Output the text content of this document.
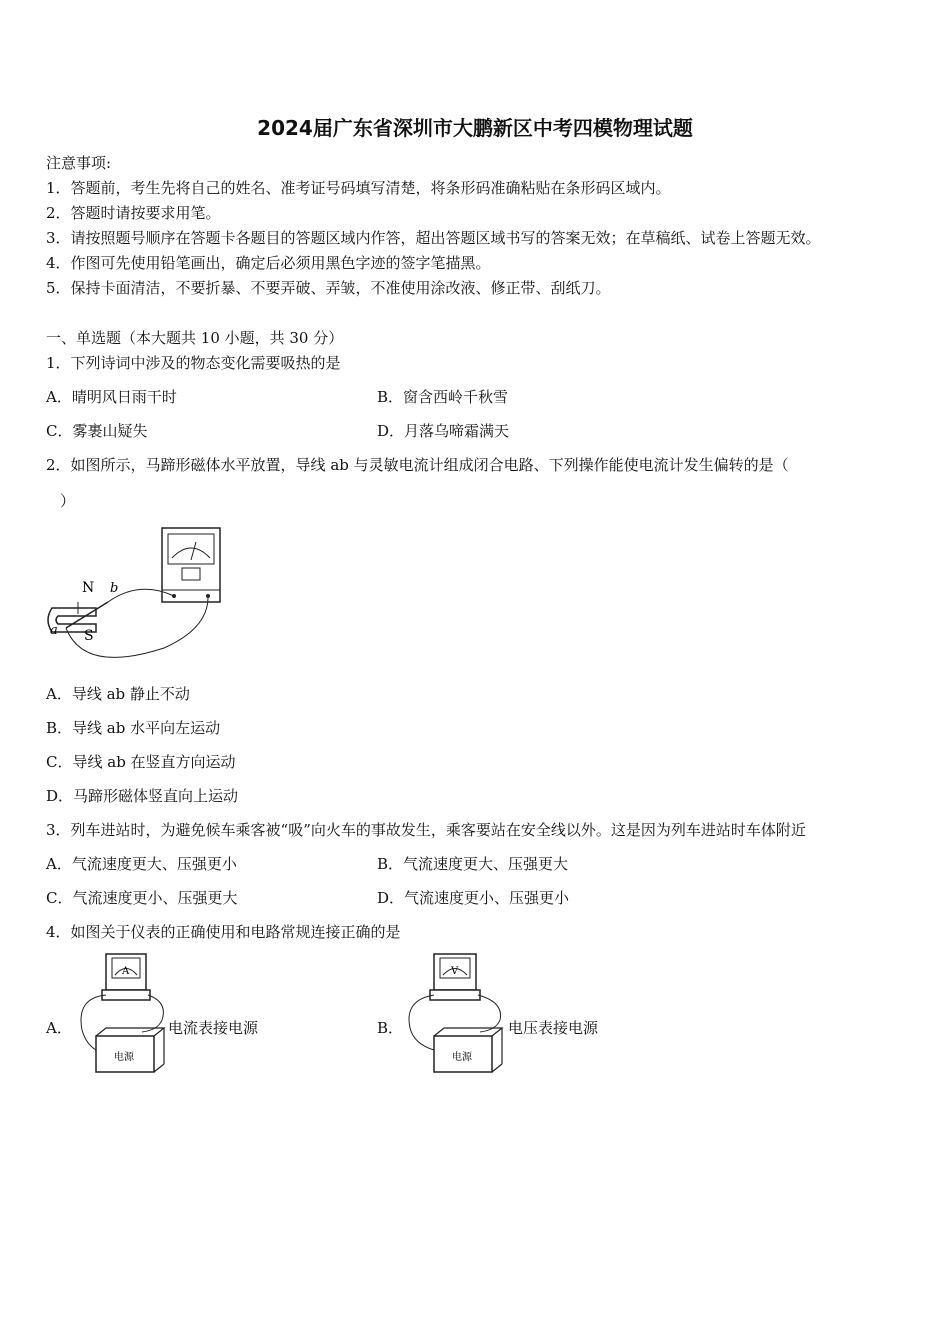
2024届广东省深圳市大鹏新区中考四模物理试题
注意事项:
1．答题前，考生先将自己的姓名、准考证号码填写清楚，将条形码准确粘贴在条形码区域内。
2．答题时请按要求用笔。
3．请按照题号顺序在答题卡各题目的答题区域内作答，超出答题区域书写的答案无效；在草稿纸、试卷上答题无效。
4．作图可先使用铅笔画出，确定后必须用黑色字迹的签字笔描黑。
5．保持卡面清洁，不要折暴、不要弄破、弄皱，不准使用涂改液、修正带、刮纸刀。
一、单选题（本大题共 10 小题，共 30 分）
1．下列诗词中涉及的物态变化需要吸热的是
A．晴明风日雨干时	B．窗含西岭千秋雪
C．雾裹山疑失	D．月落乌啼霜满天
2．如图所示，马蹄形磁体水平放置，导线 ab 与灵敏电流计组成闭合电路、下列操作能使电流计发生偏转的是（
）
N
S
a
b
A．导线 ab 静止不动
B．导线 ab 水平向左运动
C．导线 ab 在竖直方向运动
D．马蹄形磁体竖直向上运动
3．列车进站时，为避免候车乘客被“吸”向火车的事故发生，乘客要站在安全线以外。这是因为列车进站时车体附近
A．气流速度更大、压强更小	B．气流速度更大、压强更大
C．气流速度更小、压强更大	D．气流速度更小、压强更小
4．如图关于仪表的正确使用和电路常规连接正确的是
A．
A
电源
电流表接电源	B．
V
电源
电压表接电源
